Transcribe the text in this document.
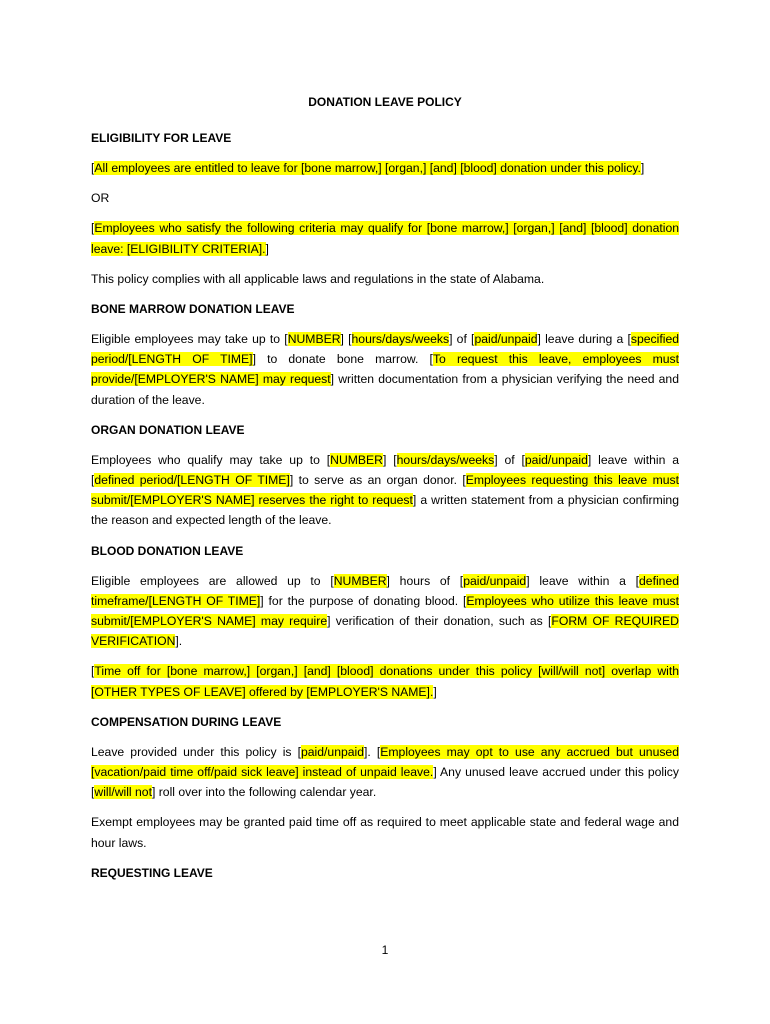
DONATION LEAVE POLICY
ELIGIBILITY FOR LEAVE
[All employees are entitled to leave for [bone marrow,] [organ,] [and] [blood] donation under this policy.]
OR
[Employees who satisfy the following criteria may qualify for [bone marrow,] [organ,] [and] [blood] donation leave: [ELIGIBILITY CRITERIA].]
This policy complies with all applicable laws and regulations in the state of Alabama.
BONE MARROW DONATION LEAVE
Eligible employees may take up to [NUMBER] [hours/days/weeks] of [paid/unpaid] leave during a [specified period/[LENGTH OF TIME]] to donate bone marrow. [To request this leave, employees must provide/[EMPLOYER'S NAME] may request] written documentation from a physician verifying the need and duration of the leave.
ORGAN DONATION LEAVE
Employees who qualify may take up to [NUMBER] [hours/days/weeks] of [paid/unpaid] leave within a [defined period/[LENGTH OF TIME]] to serve as an organ donor. [Employees requesting this leave must submit/[EMPLOYER'S NAME] reserves the right to request] a written statement from a physician confirming the reason and expected length of the leave.
BLOOD DONATION LEAVE
Eligible employees are allowed up to [NUMBER] hours of [paid/unpaid] leave within a [defined timeframe/[LENGTH OF TIME]] for the purpose of donating blood. [Employees who utilize this leave must submit/[EMPLOYER'S NAME] may require] verification of their donation, such as [FORM OF REQUIRED VERIFICATION].
[Time off for [bone marrow,] [organ,] [and] [blood] donations under this policy [will/will not] overlap with [OTHER TYPES OF LEAVE] offered by [EMPLOYER'S NAME].]
COMPENSATION DURING LEAVE
Leave provided under this policy is [paid/unpaid]. [Employees may opt to use any accrued but unused [vacation/paid time off/paid sick leave] instead of unpaid leave.] Any unused leave accrued under this policy [will/will not] roll over into the following calendar year.
Exempt employees may be granted paid time off as required to meet applicable state and federal wage and hour laws.
REQUESTING LEAVE
1
